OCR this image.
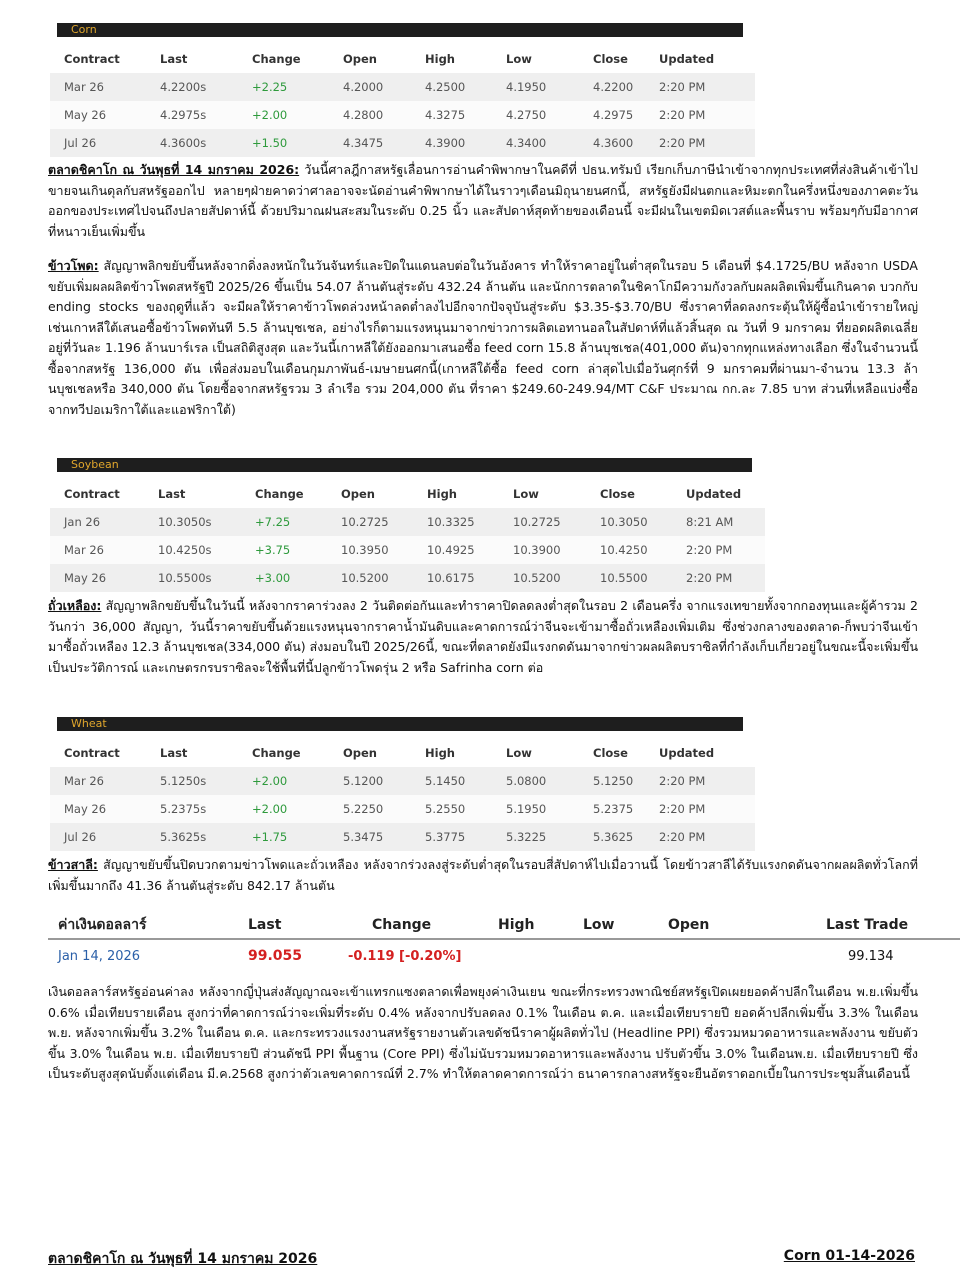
Corn
Contract	Last	Change	Open	High	Low	Close	Updated
Mar 26	4.2200s	+2.25	4.2000	4.2500	4.1950	4.2200	2:20 PM
May 26	4.2975s	+2.00	4.2800	4.3275	4.2750	4.2975	2:20 PM
Jul 26	4.3600s	+1.50	4.3475	4.3900	4.3400	4.3600	2:20 PM
ตลาดชิคาโก ณ วันพุธที่ 14 มกราคม 2026: วันนี้ศาลฎีกาสหรัฐเลื่อนการอ่านคำพิพากษาในคดีที่ ปธน.ทรัมป์ เรียกเก็บภาษีนำเข้าจากทุกประเทศที่ส่งสินค้าเข้าไปขายจนเกินดุลกับสหรัฐออกไป หลายๆฝ่ายคาดว่าศาลอาจจะนัดอ่านคำพิพากษาได้ในราวๆเดือนมิถุนายนศกนี้, สหรัฐยังมีฝนตกและหิมะตกในครึ่งหนึ่งของภาคตะวันออกของประเทศไปจนถึงปลายสัปดาห์นี้ ด้วยปริมาณฝนสะสมในระดับ 0.25 นิ้ว และสัปดาห์สุดท้ายของเดือนนี้ จะมีฝนในเขตมิดเวสต์และพื้นราบ พร้อมๆกับมีอากาศที่หนาวเย็นเพิ่มขึ้น
ข้าวโพด: สัญญาพลิกขยับขึ้นหลังจากดิ่งลงหนักในวันจันทร์และปิดในแดนลบต่อในวันอังคาร ทำให้ราคาอยู่ในต่ำสุดในรอบ 5 เดือนที่ $4.1725/BU หลังจาก USDA ขยับเพิ่มผลผลิตข้าวโพดสหรัฐปี 2025/26 ขึ้นเป็น 54.07 ล้านตันสู่ระดับ 432.24 ล้านตัน และนักการตลาดในชิคาโกมีความกังวลกับผลผลิตเพิ่มขึ้นเกินคาด บวกกับ ending stocks ของฤดูที่แล้ว จะมีผลให้ราคาข้าวโพดล่วงหน้าลดต่ำลงไปอีกจากปัจจุบันสู่ระดับ $3.35-$3.70/BU ซึ่งราคาที่ลดลงกระตุ้นให้ผู้ซื้อนำเข้ารายใหญ่เช่นเกาหลีใต้เสนอซื้อข้าวโพดทันที 5.5 ล้านบุชเชล, อย่างไรก็ตามแรงหนุนมาจากข่าวการผลิตเอทานอลในสัปดาห์ที่แล้วสิ้นสุด ณ วันที่ 9 มกราคม ที่ยอดผลิตเฉลี่ยอยู่ที่วันละ 1.196 ล้านบาร์เรล เป็นสถิติสูงสุด และวันนี้เกาหลีใต้ยังออกมาเสนอซื้อ feed corn 15.8 ล้านบุชเชล(401,000 ตัน)จากทุกแหล่งทางเลือก ซึ่งในจำนวนนี้ซื้อจากสหรัฐ 136,000 ตัน เพื่อส่งมอบในเดือนกุมภาพันธ์-เมษายนศกนี้(เกาหลีใต้ซื้อ feed corn ล่าสุดไปเมื่อวันศุกร์ที่ 9 มกราคมที่ผ่านมา-จำนวน 13.3 ล้านบุชเชลหรือ 340,000 ตัน โดยซื้อจากสหรัฐรวม 3 ลำเรือ รวม 204,000 ตัน ที่ราคา $249.60-249.94/MT C&F ประมาณ กก.ละ 7.85 บาท ส่วนที่เหลือแบ่งซื้อจากทวีปอเมริกาใต้และแอฟริกาใต้)
Soybean
Contract	Last	Change	Open	High	Low	Close	Updated
Jan 26	10.3050s	+7.25	10.2725	10.3325	10.2725	10.3050	8:21 AM
Mar 26	10.4250s	+3.75	10.3950	10.4925	10.3900	10.4250	2:20 PM
May 26	10.5500s	+3.00	10.5200	10.6175	10.5200	10.5500	2:20 PM
ถั่วเหลือง: สัญญาพลิกขยับขึ้นในวันนี้ หลังจากราคาร่วงลง 2 วันติดต่อกันและทำราคาปิดลดลงต่ำสุดในรอบ 2 เดือนครึ่ง จากแรงเทขายทั้งจากกองทุนและผู้ค้ารวม 2 วันกว่า 36,000 สัญญา, วันนี้ราคาขยับขึ้นด้วยแรงหนุนจากราคาน้ำมันดิบและคาดการณ์ว่าจีนจะเข้ามาซื้อถั่วเหลืองเพิ่มเติม ซึ่งช่วงกลางของตลาด-ก็พบว่าจีนเข้ามาซื้อถั่วเหลือง 12.3 ล้านบุชเชล(334,000 ตัน) ส่งมอบในปี 2025/26นี้, ขณะที่ตลาดยังมีแรงกดดันมาจากข่าวผลผลิตบราซิลที่กำลังเก็บเกี่ยวอยู่ในขณะนี้จะเพิ่มขึ้นเป็นประวัติการณ์ และเกษตรกรบราซิลจะใช้พื้นที่นี้ปลูกข้าวโพดรุ่น 2 หรือ Safrinha corn ต่อ
Wheat
Contract	Last	Change	Open	High	Low	Close	Updated
Mar 26	5.1250s	+2.00	5.1200	5.1450	5.0800	5.1250	2:20 PM
May 26	5.2375s	+2.00	5.2250	5.2550	5.1950	5.2375	2:20 PM
Jul 26	5.3625s	+1.75	5.3475	5.3775	5.3225	5.3625	2:20 PM
ข้าวสาลี: สัญญาขยับขึ้นปิดบวกตามข่าวโพดและถั่วเหลือง หลังจากร่วงลงสู่ระดับต่ำสุดในรอบสี่สัปดาห์ไปเมื่อวานนี้ โดยข้าวสาลีได้รับแรงกดดันจากผลผลิตทั่วโลกที่เพิ่มขึ้นมากถึง 41.36 ล้านตันสู่ระดับ 842.17 ล้านตัน
ค่าเงินดอลลาร์	Last	Change	High	Low	Open	Last Trade
Jan 14, 2026	99.055	-0.119 [-0.20%]				99.134
เงินดอลลาร์สหรัฐอ่อนค่าลง หลังจากญี่ปุ่นส่งสัญญาณจะเข้าแทรกแซงตลาดเพื่อพยุงค่าเงินเยน ขณะที่กระทรวงพาณิชย์สหรัฐเปิดเผยยอดค้าปลีกในเดือน พ.ย.เพิ่มขึ้น 0.6% เมื่อเทียบรายเดือน สูงกว่าที่คาดการณ์ว่าจะเพิ่มที่ระดับ 0.4% หลังจากปรับลดลง 0.1% ในเดือน ต.ค. และเมื่อเทียบรายปี ยอดค้าปลีกเพิ่มขึ้น 3.3% ในเดือน พ.ย. หลังจากเพิ่มขึ้น 3.2% ในเดือน ต.ค. และกระทรวงแรงงานสหรัฐรายงานตัวเลขดัชนีราคาผู้ผลิตทั่วไป (Headline PPI) ซึ่งรวมหมวดอาหารและพลังงาน ขยับตัวขึ้น 3.0% ในเดือน พ.ย. เมื่อเทียบรายปี ส่วนดัชนี PPI พื้นฐาน (Core PPI) ซึ่งไม่นับรวมหมวดอาหารและพลังงาน ปรับตัวขึ้น 3.0% ในเดือนพ.ย. เมื่อเทียบรายปี ซึ่งเป็นระดับสูงสุดนับตั้งแต่เดือน มี.ค.2568 สูงกว่าตัวเลขคาดการณ์ที่ 2.7% ทำให้ตลาดคาดการณ์ว่า ธนาคารกลางสหรัฐจะยืนอัตราดอกเบี้ยในการประชุมสิ้นเดือนนี้
ตลาดชิคาโก ณ วันพุธที่ 14 มกราคม 2026	Corn 01-14-2026
